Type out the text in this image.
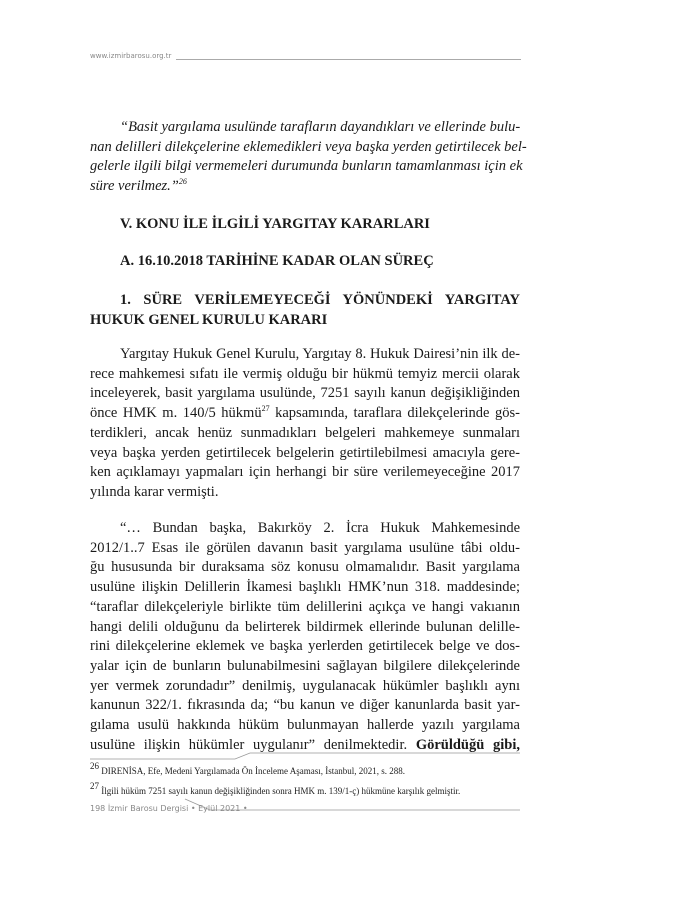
www.izmirbarosu.org.tr
“Basit yargılama usulünde tarafların dayandıkları ve ellerinde bulu-
nan delilleri dilekçelerine eklemedikleri veya başka yerden getirtilecek bel-
gelerle ilgili bilgi vermemeleri durumunda bunların tamamlanması için ek
süre verilmez.”$^{26}$
V. KONU İLE İLGİLİ YARGITAY KARARLARI
A. 16.10.2018 TARİHİNE KADAR OLAN SÜREÇ
1. SÜRE VERİLEMEYECEĞİ YÖNÜNDEKİ YARGITAY
HUKUK GENEL KURULU KARARI
Yargıtay Hukuk Genel Kurulu, Yargıtay 8. Hukuk Dairesi’nin ilk de-
rece mahkemesi sıfatı ile vermiş olduğu bir hükmü temyiz mercii olarak
inceleyerek, basit yargılama usulünde, 7251 sayılı kanun değişikliğinden
önce HMK m. 140/5 hükmü$^{27}$ kapsamında, taraflara dilekçelerinde gös-
terdikleri, ancak henüz sunmadıkları belgeleri mahkemeye sunmaları
veya başka yerden getirtilecek belgelerin getirtilebilmesi amacıyla gere-
ken açıklamayı yapmaları için herhangi bir süre verilemeyeceğine 2017
yılında karar vermişti.
“… Bundan başka, Bakırköy 2. İcra Hukuk Mahkemesinde
2012/1..7 Esas ile görülen davanın basit yargılama usulüne tâbi oldu-
ğu hususunda bir duraksama söz konusu olmamalıdır. Basit yargılama
usulüne ilişkin Delillerin İkamesi başlıklı HMK’nun 318. maddesinde;
“taraflar dilekçeleriyle birlikte tüm delillerini açıkça ve hangi vakıanın
hangi delili olduğunu da belirterek bildirmek ellerinde bulunan delille-
rini dilekçelerine eklemek ve başka yerlerden getirtilecek belge ve dos-
yalar için de bunların bulunabilmesini sağlayan bilgilere dilekçelerinde
yer vermek zorundadır” denilmiş, uygulanacak hükümler başlıklı aynı
kanunun 322/1. fıkrasında da; “bu kanun ve diğer kanunlarda basit yar-
gılama usulü hakkında hüküm bulunmayan hallerde yazılı yargılama
usulüne ilişkin hükümler uygulanır” denilmektedir. Görüldüğü gibi,
$^{26}$ DIRENİSA, Efe, Medeni Yargılamada Ön İnceleme Aşaması, İstanbul, 2021, s. 288.
$^{27}$ İlgili hüküm 7251 sayılı kanun değişikliğinden sonra HMK m. 139/1-ç) hükmüne karşılık gelmiştir.
198 İzmir Barosu Dergisi • Eylül 2021 •
